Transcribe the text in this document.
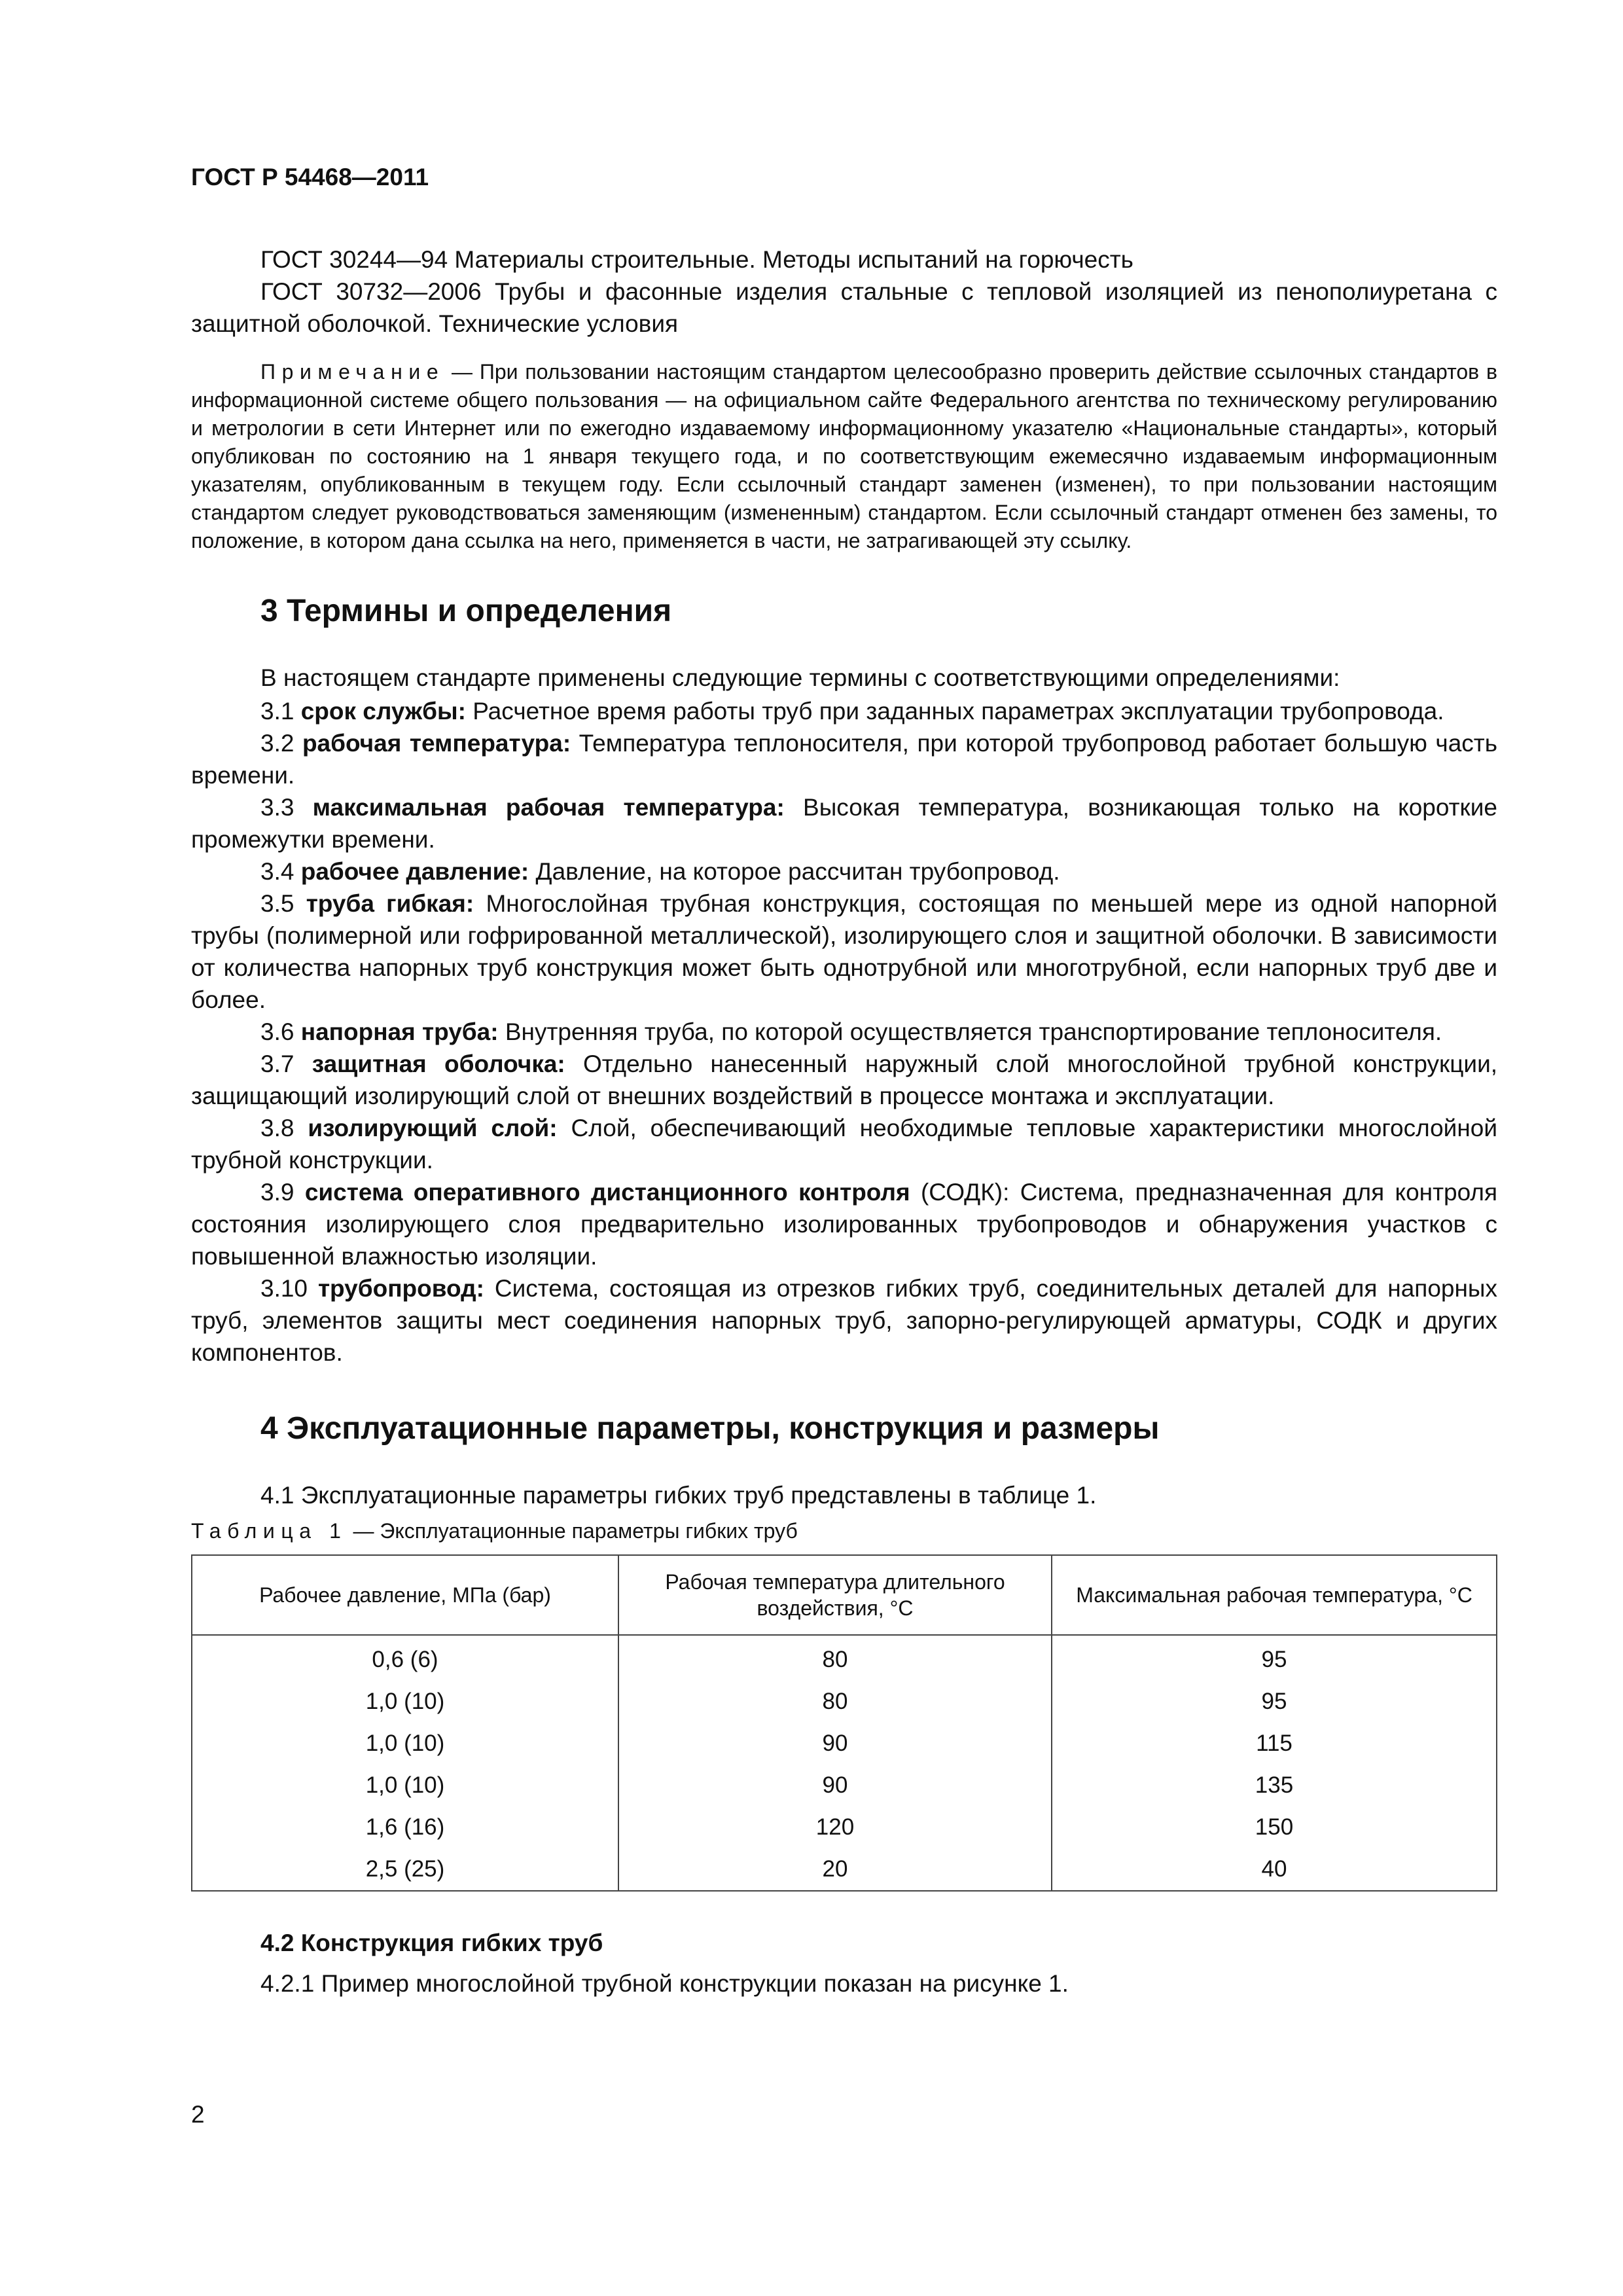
ГОСТ Р 54468—2011

ГОСТ 30244—94 Материалы строительные. Методы испытаний на горючесть

ГОСТ 30732—2006 Трубы и фасонные изделия стальные с тепловой изоляцией из пенополиуретана с защитной оболочкой. Технические условия

Примечание — При пользовании настоящим стандартом целесообразно проверить действие ссылочных стандартов в информационной системе общего пользования — на официальном сайте Федерального агентства по техническому регулированию и метрологии в сети Интернет или по ежегодно издаваемому информационному указателю «Национальные стандарты», который опубликован по состоянию на 1 января текущего года, и по соответствующим ежемесячно издаваемым информационным указателям, опубликованным в текущем году. Если ссылочный стандарт заменен (изменен), то при пользовании настоящим стандартом следует руководствоваться заменяющим (измененным) стандартом. Если ссылочный стандарт отменен без замены, то положение, в котором дана ссылка на него, применяется в части, не затрагивающей эту ссылку.

3 Термины и определения

В настоящем стандарте применены следующие термины с соответствующими определениями:

3.1 срок службы: Расчетное время работы труб при заданных параметрах эксплуатации трубопровода.

3.2 рабочая температура: Температура теплоносителя, при которой трубопровод работает большую часть времени.

3.3 максимальная рабочая температура: Высокая температура, возникающая только на короткие промежутки времени.

3.4 рабочее давление: Давление, на которое рассчитан трубопровод.

3.5 труба гибкая: Многослойная трубная конструкция, состоящая по меньшей мере из одной напорной трубы (полимерной или гофрированной металлической), изолирующего слоя и защитной оболочки. В зависимости от количества напорных труб конструкция может быть однотрубной или многотрубной, если напорных труб две и более.

3.6 напорная труба: Внутренняя труба, по которой осуществляется транспортирование теплоносителя.

3.7 защитная оболочка: Отдельно нанесенный наружный слой многослойной трубной конструкции, защищающий изолирующий слой от внешних воздействий в процессе монтажа и эксплуатации.

3.8 изолирующий слой: Слой, обеспечивающий необходимые тепловые характеристики многослойной трубной конструкции.

3.9 система оперативного дистанционного контроля (СОДК): Система, предназначенная для контроля состояния изолирующего слоя предварительно изолированных трубопроводов и обнаружения участков с повышенной влажностью изоляции.

3.10 трубопровод: Система, состоящая из отрезков гибких труб, соединительных деталей для напорных труб, элементов защиты мест соединения напорных труб, запорно-регулирующей арматуры, СОДК и других компонентов.

4 Эксплуатационные параметры, конструкция и размеры

4.1 Эксплуатационные параметры гибких труб представлены в таблице 1.

Таблица 1 — Эксплуатационные параметры гибких труб
Рабочее давление, МПа (бар)	Рабочая температура длительного воздействия, °С	Максимальная рабочая температура, °С
0,6 (6)	80	95
1,0 (10)	80	95
1,0 (10)	90	115
1,0 (10)	90	135
1,6 (16)	120	150
2,5 (25)	20	40
4.2 Конструкция гибких труб

4.2.1 Пример многослойной трубной конструкции показан на рисунке 1.

2
